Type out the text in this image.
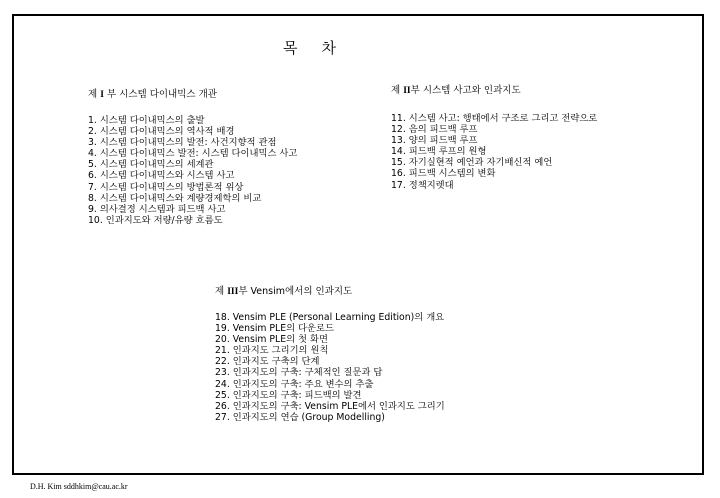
목 차
제 I 부 시스템 다이내믹스 개관
1. 시스템 다이내믹스의 출발
2. 시스템 다이내믹스의 역사적 배경
3. 시스템 다이내믹스의 발전: 사건지향적 관점
4. 시스템 다이내믹스 발전: 시스템 다이내믹스 사고
5. 시스템 다이내믹스의 세계관
6. 시스템 다이내믹스와 시스템 사고
7. 시스템 다이내믹스의 방법론적 위상
8. 시스템 다이내믹스와 계량경제학의 비교
9. 의사결정 시스템과 피드백 사고
10. 인과지도와 저량/유량 흐름도
제 II부 시스템 사고와 인과지도
11. 시스템 사고: 행태에서 구조로 그리고 전략으로
12. 음의 피드백 루프
13. 양의 피드백 루프
14. 피드백 루프의 원형
15. 자기실현적 예언과 자기배신적 예언
16. 피드백 시스템의 변화
17. 정책지렛대
제 III부 Vensim에서의 인과지도
18. Vensim PLE (Personal Learning Edition)의 개요
19. Vensim PLE의 다운로드
20. Vensim PLE의 첫 화면
21. 인과지도 그리기의 원칙
22. 인과지도 구축의 단계
23. 인과지도의 구축: 구체적인 질문과 답
24. 인과지도의 구축: 주요 변수의 추출
25. 인과지도의 구축: 피드백의 발견
26. 인과지도의 구축: Vensim PLE에서 인과지도 그리기
27. 인과지도의 연습 (Group Modelling)
D.H. Kim sddhkim@cau.ac.kr
